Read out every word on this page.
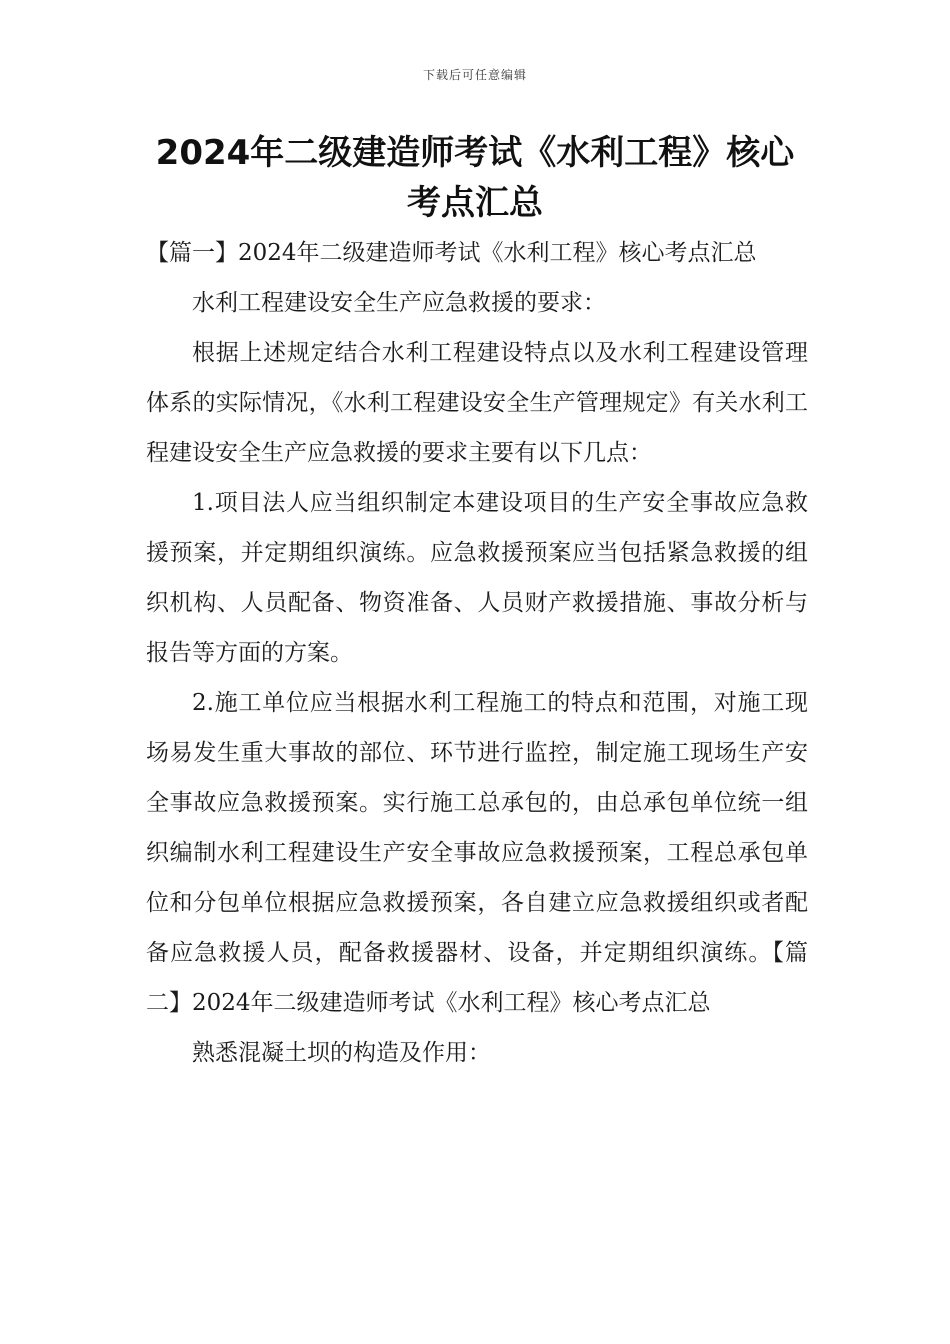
下载后可任意编辑
2024年二级建造师考试《水利工程》核心
考点汇总

【篇一】2024年二级建造师考试《水利工程》核心考点汇总

水利工程建设安全生产应急救援的要求：

根据上述规定结合水利工程建设特点以及水利工程建设管理体系的实际情况，《水利工程建设安全生产管理规定》有关水利工程建设安全生产应急救援的要求主要有以下几点：

1.项目法人应当组织制定本建设项目的生产安全事故应急救援预案，并定期组织演练。应急救援预案应当包括紧急救援的组织机构、人员配备、物资准备、人员财产救援措施、事故分析与报告等方面的方案。

2.施工单位应当根据水利工程施工的特点和范围，对施工现场易发生重大事故的部位、环节进行监控，制定施工现场生产安全事故应急救援预案。实行施工总承包的，由总承包单位统一组织编制水利工程建设生产安全事故应急救援预案，工程总承包单位和分包单位根据应急救援预案，各自建立应急救援组织或者配备应急救援人员，配备救援器材、设备，并定期组织演练。【篇二】2024年二级建造师考试《水利工程》核心考点汇总

熟悉混凝土坝的构造及作用：
